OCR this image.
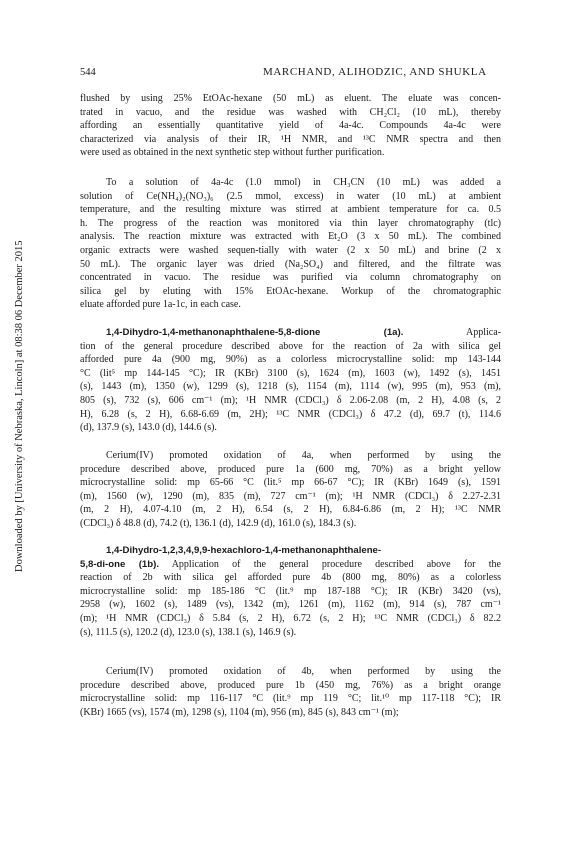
544	MARCHAND, ALIHODZIC, AND SHUKLA
Downloaded by [University of Nebraska, Lincoln] at 08:38 06 December 2015
flushed by using 25% EtOAc-hexane (50 mL) as eluent. The eluate was concen-
trated in vacuo, and the residue was washed with CH₂Cl₂ (10 mL), thereby
affording an essentially quantitative yield of 4a-4c. Compounds 4a-4c were
characterized via analysis of their IR, ¹H NMR, and ¹³C NMR spectra and then
were used as obtained in the next synthetic step without further purification.
To a solution of 4a-4c (1.0 mmol) in CH₃CN (10 mL) was added a
solution of Ce(NH₄)₂(NO₃)₆ (2.5 mmol, excess) in water (10 mL) at ambient
temperature, and the resulting mixture was stirred at ambient temperature for ca. 0.5
h. The progress of the reaction was monitored via thin layer chromatography (tlc)
analysis. The reaction mixture was extracted with Et₂O (3 x 50 mL). The combined
organic extracts were washed sequen-tially with water (2 x 50 mL) and brine (2 x
50 mL). The organic layer was dried (Na₂SO₄) and filtered, and the filtrate was
concentrated in vacuo. The residue was purified via column chromatography on
silica gel by eluting with 15% EtOAc-hexane. Workup of the chromatographic
eluate afforded pure 1a-1c, in each case.
1,4-Dihydro-1,4-methanonaphthalene-5,8-dione (1a). Applica-
tion of the general procedure described above for the reaction of 2a with silica gel
afforded pure 4a (900 mg, 90%) as a colorless microcrystalline solid: mp 143-144
°C (lit⁵ mp 144-145 °C); IR (KBr) 3100 (s), 1624 (m), 1603 (w), 1492 (s), 1451
(s), 1443 (m), 1350 (w), 1299 (s), 1218 (s), 1154 (m), 1114 (w), 995 (m), 953 (m),
805 (s), 732 (s), 606 cm⁻¹ (m); ¹H NMR (CDCl₃) δ 2.06-2.08 (m, 2 H), 4.08 (s, 2
H), 6.28 (s, 2 H), 6.68-6.69 (m, 2H); ¹³C NMR (CDCl₃) δ 47.2 (d), 69.7 (t), 114.6
(d), 137.9 (s), 143.0 (d), 144.6 (s).
Cerium(IV) promoted oxidation of 4a, when performed by using the
procedure described above, produced pure 1a (600 mg, 70%) as a bright yellow
microcrystalline solid: mp 65-66 °C (lit.⁵ mp 66-67 °C); IR (KBr) 1649 (s), 1591
(m), 1560 (w), 1290 (m), 835 (m), 727 cm⁻¹ (m); ¹H NMR (CDCl₃) δ 2.27-2.31
(m, 2 H), 4.07-4.10 (m, 2 H), 6.54 (s, 2 H), 6.84-6.86 (m, 2 H); ¹³C NMR
(CDCl₃) δ 48.8 (d), 74.2 (t), 136.1 (d), 142.9 (d), 161.0 (s), 184.3 (s).
1,4-Dihydro-1,2,3,4,9,9-hexachloro-1,4-methanonaphthalene-
5,8-di-one (1b). Application of the general procedure described above for the
reaction of 2b with silica gel afforded pure 4b (800 mg, 80%) as a colorless
microcrystalline solid: mp 185-186 °C (lit.⁹ mp 187-188 °C); IR (KBr) 3420 (vs),
2958 (w), 1602 (s), 1489 (vs), 1342 (m), 1261 (m), 1162 (m), 914 (s), 787 cm⁻¹
(m); ¹H NMR (CDCl₃) δ 5.84 (s, 2 H), 6.72 (s, 2 H); ¹³C NMR (CDCl₃) δ 82.2
(s), 111.5 (s), 120.2 (d), 123.0 (s), 138.1 (s), 146.9 (s).
Cerium(IV) promoted oxidation of 4b, when performed by using the
procedure described above, produced pure 1b (450 mg, 76%) as a bright orange
microcrystalline solid: mp 116-117 °C (lit.⁹ mp 119 °C; lit.¹⁰ mp 117-118 °C); IR
(KBr) 1665 (vs), 1574 (m), 1298 (s), 1104 (m), 956 (m), 845 (s), 843 cm⁻¹ (m);
